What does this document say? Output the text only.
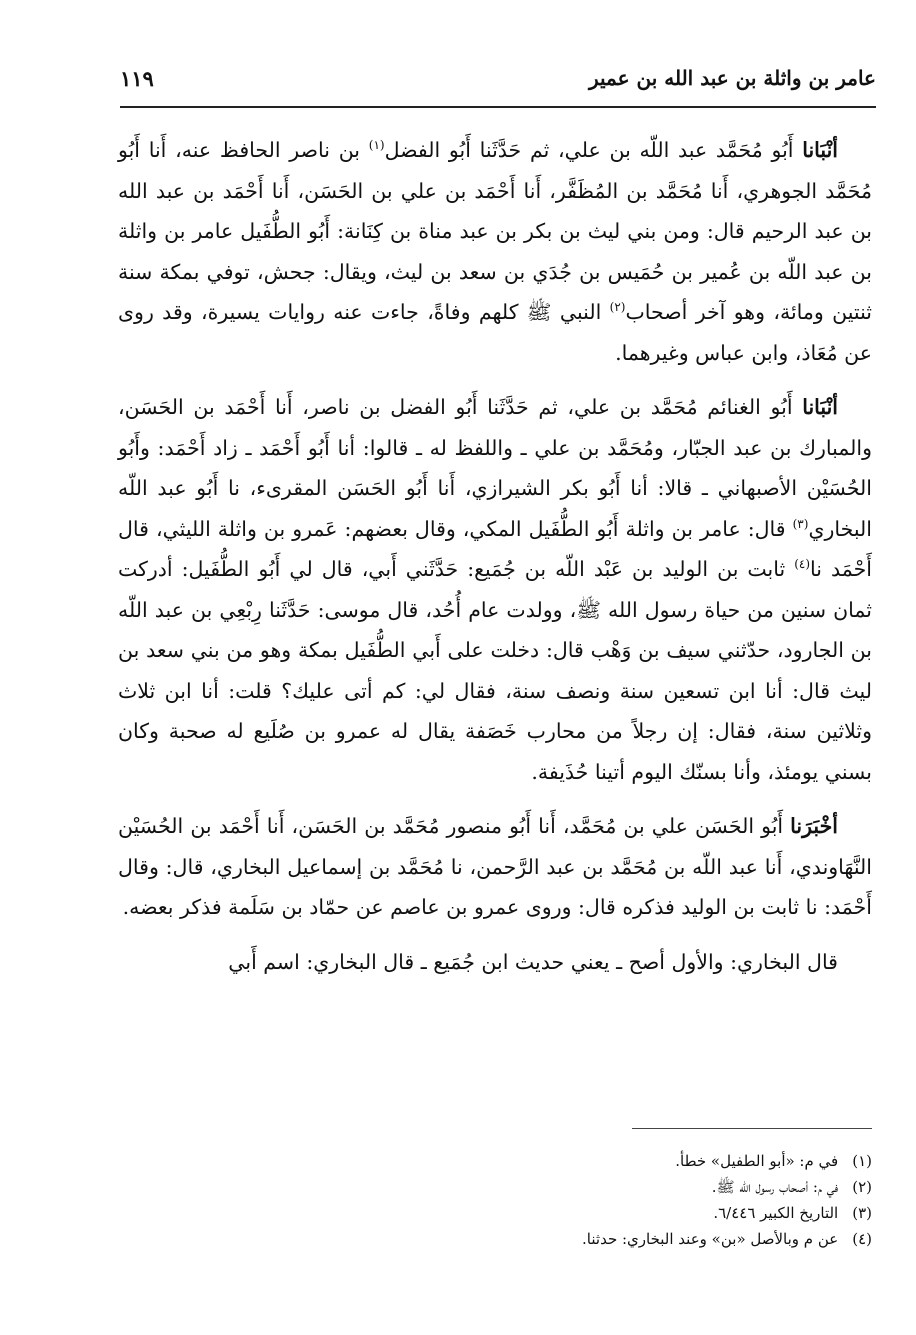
عامر بن واثلة بن عبد الله بن عمير
١١٩

أنْبَانا أَبُو مُحَمَّد عبد اللّه بن علي، ثم حَدَّثَنا أَبُو الفضل$^{(١)}$ بن ناصر الحافظ عنه، أَنا أَبُو مُحَمَّد الجوهري، أَنا مُحَمَّد بن المُظَفَّر، أَنا أَحْمَد بن علي بن الحَسَن، أَنا أَحْمَد بن عبد الله بن عبد الرحيم قال: ومن بني ليث بن بكر بن عبد مناة بن كِنَانة: أَبُو الطُّفَيل عامر بن واثلة بن عبد اللّه بن عُمير بن حُمَيس بن جُدَي بن سعد بن ليث، ويقال: جحش، توفي بمكة سنة ثنتين ومائة، وهو آخر أصحاب$^{(٢)}$ النبي ﷺ كلهم وفاةً، جاءت عنه روايات يسيرة، وقد روى عن مُعَاذ، وابن عباس وغيرهما.

أنْبَانا أَبُو الغنائم مُحَمَّد بن علي، ثم حَدَّثَنا أَبُو الفضل بن ناصر، أَنا أَحْمَد بن الحَسَن، والمبارك بن عبد الجبّار، ومُحَمَّد بن علي ـ واللفظ له ـ قالوا: أنا أَبُو أَحْمَد ـ زاد أَحْمَد: وأَبُو الحُسَيْن الأصبهاني ـ قالا: أنا أَبُو بكر الشيرازي، أَنا أَبُو الحَسَن المقرىء، نا أَبُو عبد اللّه البخاري$^{(٣)}$ قال: عامر بن واثلة أَبُو الطُّفَيل المكي، وقال بعضهم: عَمرو بن واثلة الليثي، قال أَحْمَد نا$^{(٤)}$ ثابت بن الوليد بن عَبْد اللّه بن جُمَيع: حَدَّثَني أَبي، قال لي أَبُو الطُّفَيل: أدركت ثمان سنين من حياة رسول الله ﷺ، وولدت عام أُحُد، قال موسى: حَدَّثَنا رِبْعِي بن عبد اللّه بن الجارود، حدّثني سيف بن وَهْب قال: دخلت على أَبي الطُّفَيل بمكة وهو من بني سعد بن ليث قال: أنا ابن تسعين سنة ونصف سنة، فقال لي: كم أتى عليك؟ قلت: أنا ابن ثلاث وثلاثين سنة، فقال: إن رجلاً من محارب خَصَفة يقال له عمرو بن صُلَيع له صحبة وكان بسني يومئذ، وأنا بسنّك اليوم أتينا حُذَيفة.

أخْبَرَنا أَبُو الحَسَن علي بن مُحَمَّد، أَنا أَبُو منصور مُحَمَّد بن الحَسَن، أَنا أَحْمَد بن الحُسَيْن النَّهَاوندي، أَنا عبد اللّه بن مُحَمَّد بن عبد الرَّحمن، نا مُحَمَّد بن إسماعيل البخاري، قال: وقال أَحْمَد: نا ثابت بن الوليد فذكره قال: وروى عمرو بن عاصم عن حمّاد بن سَلَمة فذكر بعضه.

قال البخاري: والأول أصح ـ يعني حديث ابن جُمَيع ـ قال البخاري: اسم أَبي

(١)
في م: «أبو الطفيل» خطأ.
(٢)
في م: أصحاب رسول الله ﷺ.
(٣)
التاريخ الكبير ٦/٤٤٦.
(٤)
عن م وبالأصل «بن» وعند البخاري: حدثنا.
